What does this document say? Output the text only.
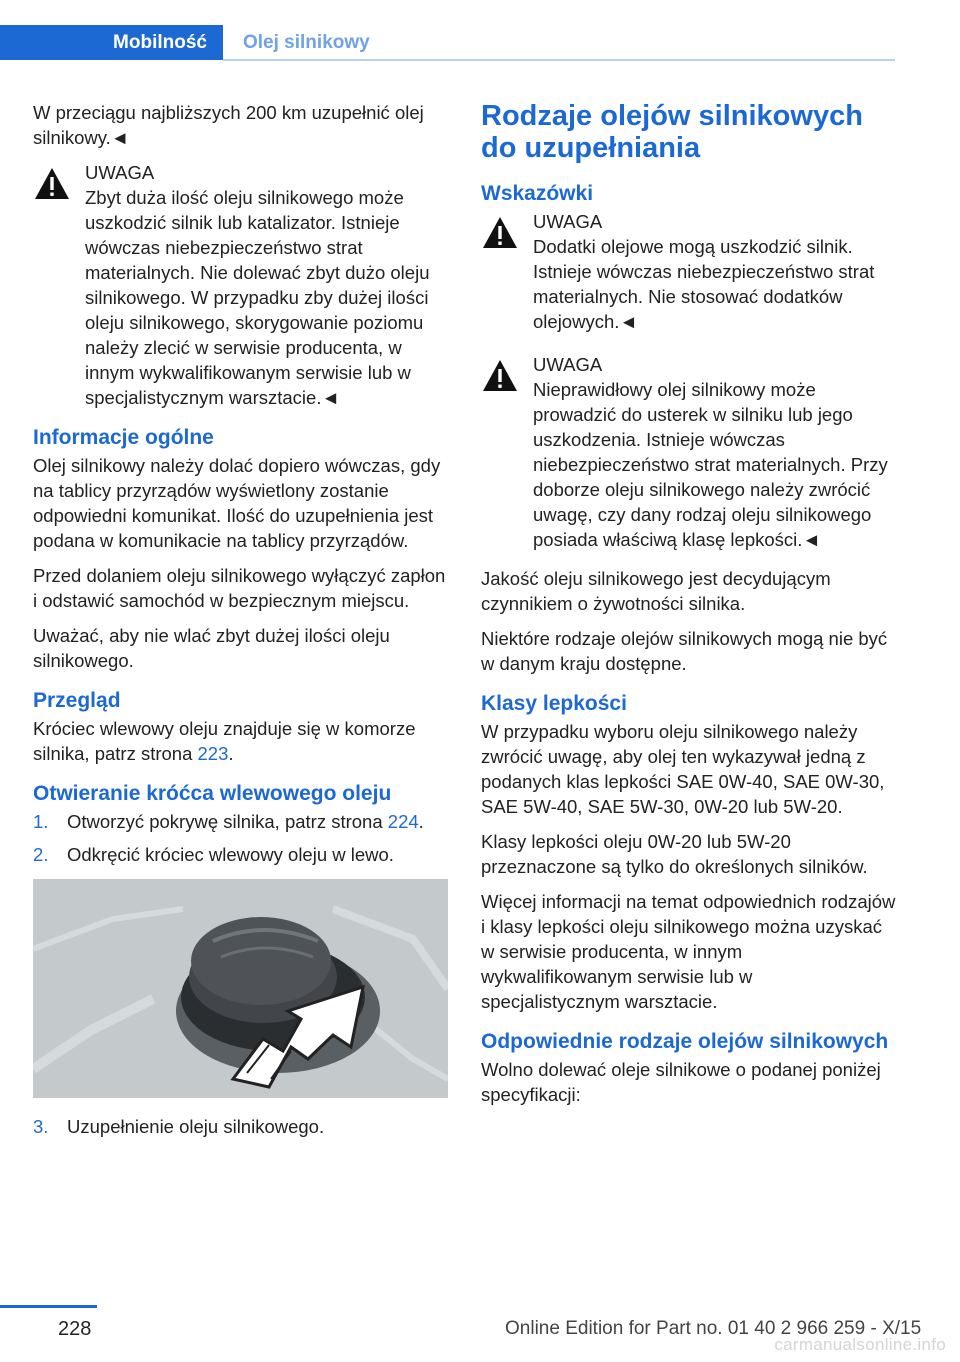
Mobilność Olej silnikowy

W przeciągu najbliższych 200 km uzupełnić olej silnikowy.◄

UWAGA
Zbyt duża ilość oleju silnikowego może uszkodzić silnik lub katalizator. Istnieje wówczas niebezpieczeństwo strat materialnych. Nie dolewać zbyt dużo oleju silnikowego. W przypadku zby dużej ilości oleju silnikowego, skorygowanie poziomu należy zlecić w serwisie producenta, w innym wykwalifikowanym serwisie lub w specjalistycznym warsztacie.◄
Informacje ogólne

Olej silnikowy należy dolać dopiero wówczas, gdy na tablicy przyrządów wyświetlony zostanie odpowiedni komunikat. Ilość do uzupełnienia jest podana w komunikacie na tablicy przyrządów.

Przed dolaniem oleju silnikowego wyłączyć zapłon i odstawić samochód w bezpiecznym miejscu.

Uważać, aby nie wlać zbyt dużej ilości oleju silnikowego.

Przegląd

Króciec wlewowy oleju znajduje się w komorze silnika, patrz strona 223.

Otwieranie króćca wlewowego oleju
1.	Otworzyć pokrywę silnika, patrz strona 224.
2.	Odkręcić króciec wlewowy oleju w lewo.
3.	Uzupełnienie oleju silnikowego.
Rodzaje olejów silnikowych do uzupełniania
Wskazówki
UWAGA
Dodatki olejowe mogą uszkodzić silnik. Istnieje wówczas niebezpieczeństwo strat materialnych. Nie stosować dodatków olejowych.◄
UWAGA
Nieprawidłowy olej silnikowy może prowadzić do usterek w silniku lub jego uszkodzenia. Istnieje wówczas niebezpieczeństwo strat materialnych. Przy doborze oleju silnikowego należy zwrócić uwagę, czy dany rodzaj oleju silnikowego posiada właściwą klasę lepkości.◄

Jakość oleju silnikowego jest decydującym czynnikiem o żywotności silnika.

Niektóre rodzaje olejów silnikowych mogą nie być w danym kraju dostępne.

Klasy lepkości

W przypadku wyboru oleju silnikowego należy zwrócić uwagę, aby olej ten wykazywał jedną z podanych klas lepkości SAE 0W-40, SAE 0W-30, SAE 5W-40, SAE 5W-30, 0W-20 lub 5W-20.

Klasy lepkości oleju 0W-20 lub 5W-20 przeznaczone są tylko do określonych silników.

Więcej informacji na temat odpowiednich rodzajów i klasy lepkości oleju silnikowego można uzyskać w serwisie producenta, w innym wykwalifikowanym serwisie lub w specjalistycznym warsztacie.

Odpowiednie rodzaje olejów silnikowych

Wolno dolewać oleje silnikowe o podanej poniżej specyfikacji:

228	Online Edition for Part no. 01 40 2 966 259 - X/15
carmanualsonline.info
